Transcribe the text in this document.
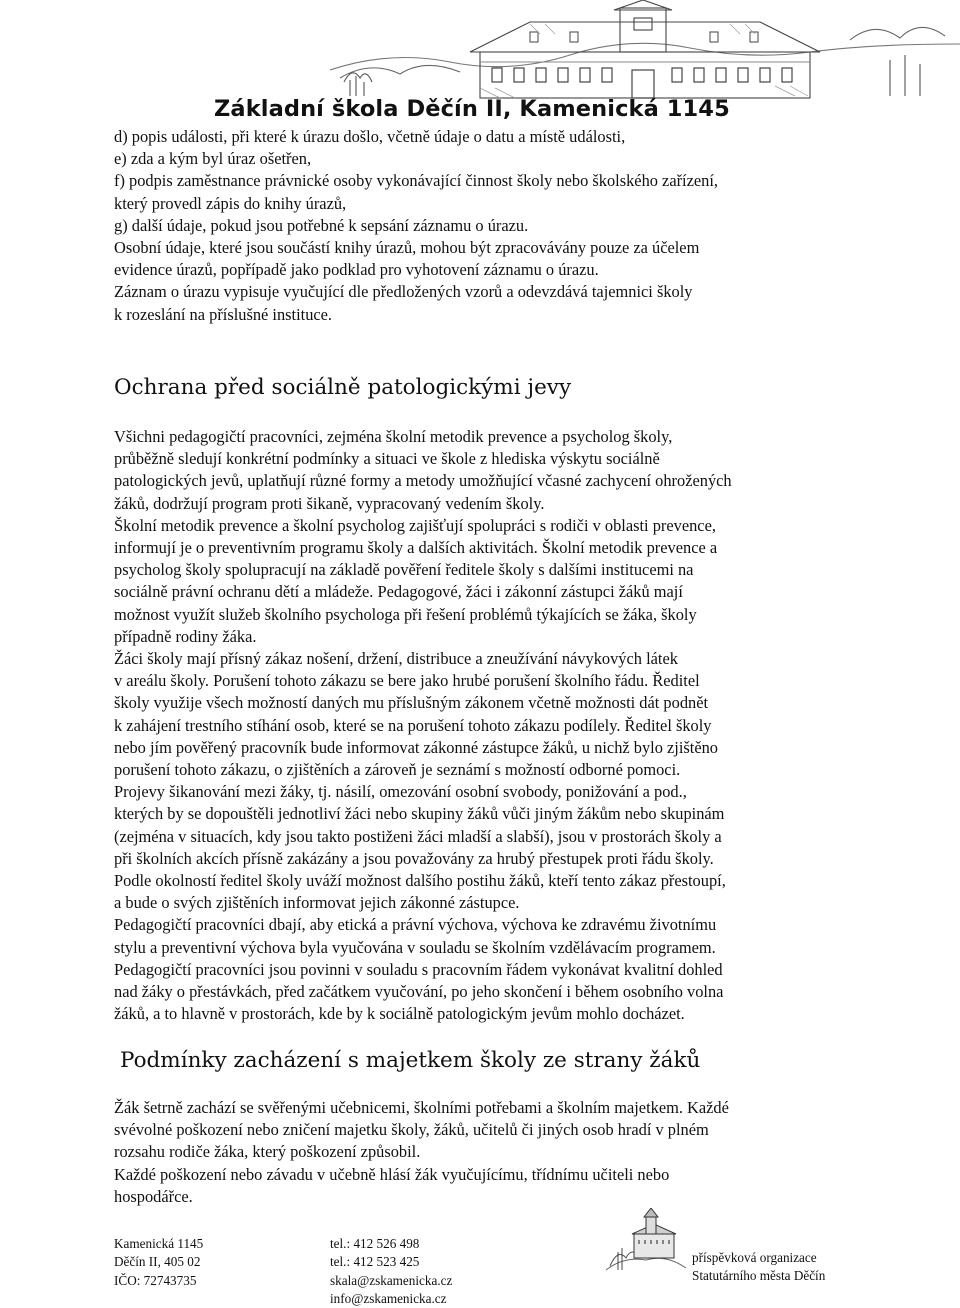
Základní škola Děčín II, Kamenická 1145

d) popis události, při které k úrazu došlo, včetně údaje o datu a místě události,

e) zda a kým byl úraz ošetřen,

f) podpis zaměstnance právnické osoby vykonávající činnost školy nebo školského zařízení,

který provedl zápis do knihy úrazů,

g) další údaje, pokud jsou potřebné k sepsání záznamu o úrazu.

Osobní údaje, které jsou součástí knihy úrazů, mohou být zpracovávány pouze za účelem

evidence úrazů, popřípadě jako podklad pro vyhotovení záznamu o úrazu.

Záznam o úrazu vypisuje vyučující dle předložených vzorů a odevzdává tajemnici školy

k rozeslání na příslušné instituce.

Ochrana před sociálně patologickými jevy

Všichni pedagogičtí pracovníci, zejména školní metodik prevence a psycholog školy,

průběžně sledují konkrétní podmínky a situaci ve škole z hlediska výskytu sociálně

patologických jevů, uplatňují různé formy a metody umožňující včasné zachycení ohrožených

žáků, dodržují program proti šikaně, vypracovaný vedením školy.

Školní metodik prevence a školní psycholog zajišťují spolupráci s rodiči v oblasti prevence,

informují je o preventivním programu školy a dalších aktivitách. Školní metodik prevence a

psycholog školy spolupracují na základě pověření ředitele školy s dalšími institucemi na

sociálně právní ochranu dětí a mládeže. Pedagogové, žáci i zákonní zástupci žáků mají

možnost využít služeb školního psychologa při řešení problémů týkajících se žáka, školy

případně rodiny žáka.

Žáci školy mají přísný zákaz nošení, držení, distribuce a zneužívání návykových látek

v areálu školy. Porušení tohoto zákazu se bere jako hrubé porušení školního řádu. Ředitel

školy využije všech možností daných mu příslušným zákonem včetně možnosti dát podnět

k zahájení trestního stíhání osob, které se na porušení tohoto zákazu podílely. Ředitel školy

nebo jím pověřený pracovník bude informovat zákonné zástupce žáků, u nichž bylo zjištěno

porušení tohoto zákazu, o zjištěních a zároveň je seznámí s možností odborné pomoci.

Projevy šikanování mezi žáky, tj. násilí, omezování osobní svobody, ponižování a pod.,

kterých by se dopouštěli jednotliví žáci nebo skupiny žáků vůči jiným žákům nebo skupinám

(zejména v situacích, kdy jsou takto postiženi žáci mladší a slabší), jsou v prostorách školy a

při školních akcích přísně zakázány a jsou považovány za hrubý přestupek proti řádu školy.

Podle okolností ředitel školy uváží možnost dalšího postihu žáků, kteří tento zákaz přestoupí,

a bude o svých zjištěních informovat jejich zákonné zástupce.

Pedagogičtí pracovníci dbají, aby etická a právní výchova, výchova ke zdravému životnímu

stylu a preventivní výchova byla vyučována v souladu se školním vzdělávacím programem.

Pedagogičtí pracovníci jsou povinni v souladu s pracovním řádem vykonávat kvalitní dohled

nad žáky o přestávkách, před začátkem vyučování, po jeho skončení i během osobního volna

žáků, a to hlavně v prostorách, kde by k sociálně patologickým jevům mohlo docházet.

Podmínky zacházení s majetkem školy ze strany žáků

Žák šetrně zachází se svěřenými učebnicemi, školními potřebami a školním majetkem. Každé

svévolné poškození nebo zničení majetku školy, žáků, učitelů či jiných osob hradí v plném

rozsahu rodiče žáka, který poškození způsobil.

Každé poškození nebo závadu v učebně hlásí žák vyučujícímu, třídnímu učiteli nebo

hospodářce.

Kamenická 1145
Děčín II, 405 02
IČO: 72743735
tel.: 412 526 498
tel.: 412 523 425
skala@zskamenicka.cz
info@zskamenicka.cz
příspěvková organizace
Statutárního města Děčín
